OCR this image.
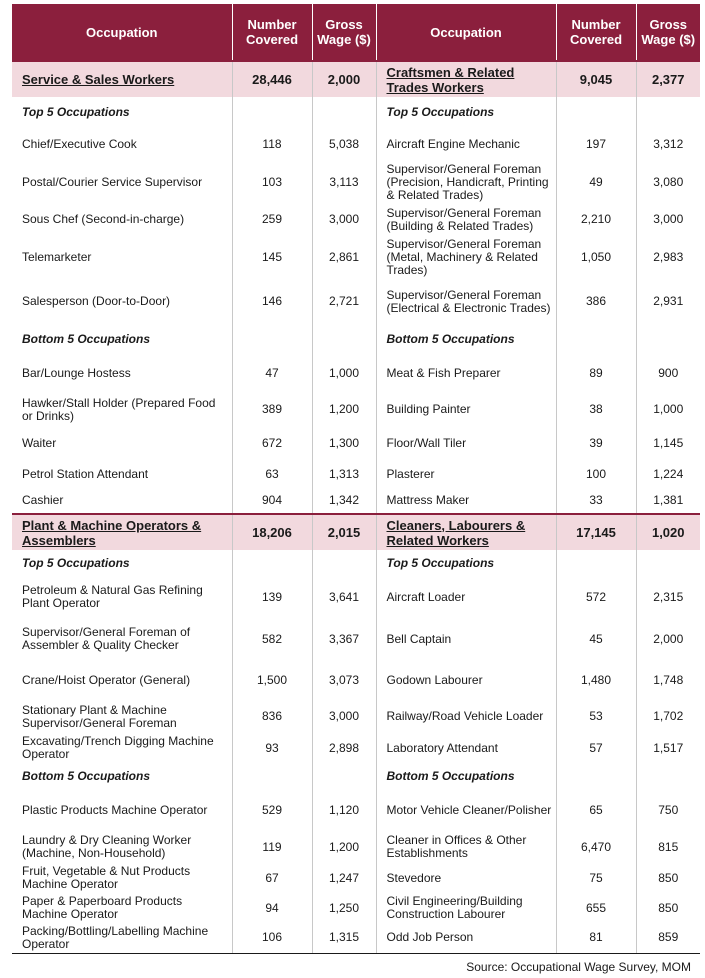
Occupation	Number Covered	Gross Wage ($)	Occupation	Number Covered	Gross Wage ($)
Service & Sales Workers	28,446	2,000	Craftsmen & Related Trades Workers	9,045	2,377
Top 5 Occupations			Top 5 Occupations		
Chief/Executive Cook	118	5,038	Aircraft Engine Mechanic	197	3,312
Postal/Courier Service Supervisor	103	3,113	Supervisor/General Foreman (Precision, Handicraft, Printing & Related Trades)	49	3,080
Sous Chef (Second-in-charge)	259	3,000	Supervisor/General Foreman (Building & Related Trades)	2,210	3,000
Telemarketer	145	2,861	Supervisor/General Foreman (Metal, Machinery & Related Trades)	1,050	2,983
Salesperson (Door-to-Door)	146	2,721	Supervisor/General Foreman (Electrical & Electronic Trades)	386	2,931
Bottom 5 Occupations			Bottom 5 Occupations		
Bar/Lounge Hostess	47	1,000	Meat & Fish Preparer	89	900
Hawker/Stall Holder (Prepared Food or Drinks)	389	1,200	Building Painter	38	1,000
Waiter	672	1,300	Floor/Wall Tiler	39	1,145
Petrol Station Attendant	63	1,313	Plasterer	100	1,224
Cashier	904	1,342	Mattress Maker	33	1,381
Plant & Machine Operators & Assemblers	18,206	2,015	Cleaners, Labourers & Related Workers	17,145	1,020
Top 5 Occupations			Top 5 Occupations		
Petroleum & Natural Gas Refining Plant Operator	139	3,641	Aircraft Loader	572	2,315
Supervisor/General Foreman of Assembler & Quality Checker	582	3,367	Bell Captain	45	2,000
Crane/Hoist Operator (General)	1,500	3,073	Godown Labourer	1,480	1,748
Stationary Plant & Machine Supervisor/General Foreman	836	3,000	Railway/Road Vehicle Loader	53	1,702
Excavating/Trench Digging Machine Operator	93	2,898	Laboratory Attendant	57	1,517
Bottom 5 Occupations			Bottom 5 Occupations		
Plastic Products Machine Operator	529	1,120	Motor Vehicle Cleaner/Polisher	65	750
Laundry & Dry Cleaning Worker (Machine, Non-Household)	119	1,200	Cleaner in Offices & Other Establishments	6,470	815
Fruit, Vegetable & Nut Products Machine Operator	67	1,247	Stevedore	75	850
Paper & Paperboard Products Machine Operator	94	1,250	Civil Engineering/Building Construction Labourer	655	850
Packing/Bottling/Labelling Machine Operator	106	1,315	Odd Job Person	81	859
Source: Occupational Wage Survey, MOM
